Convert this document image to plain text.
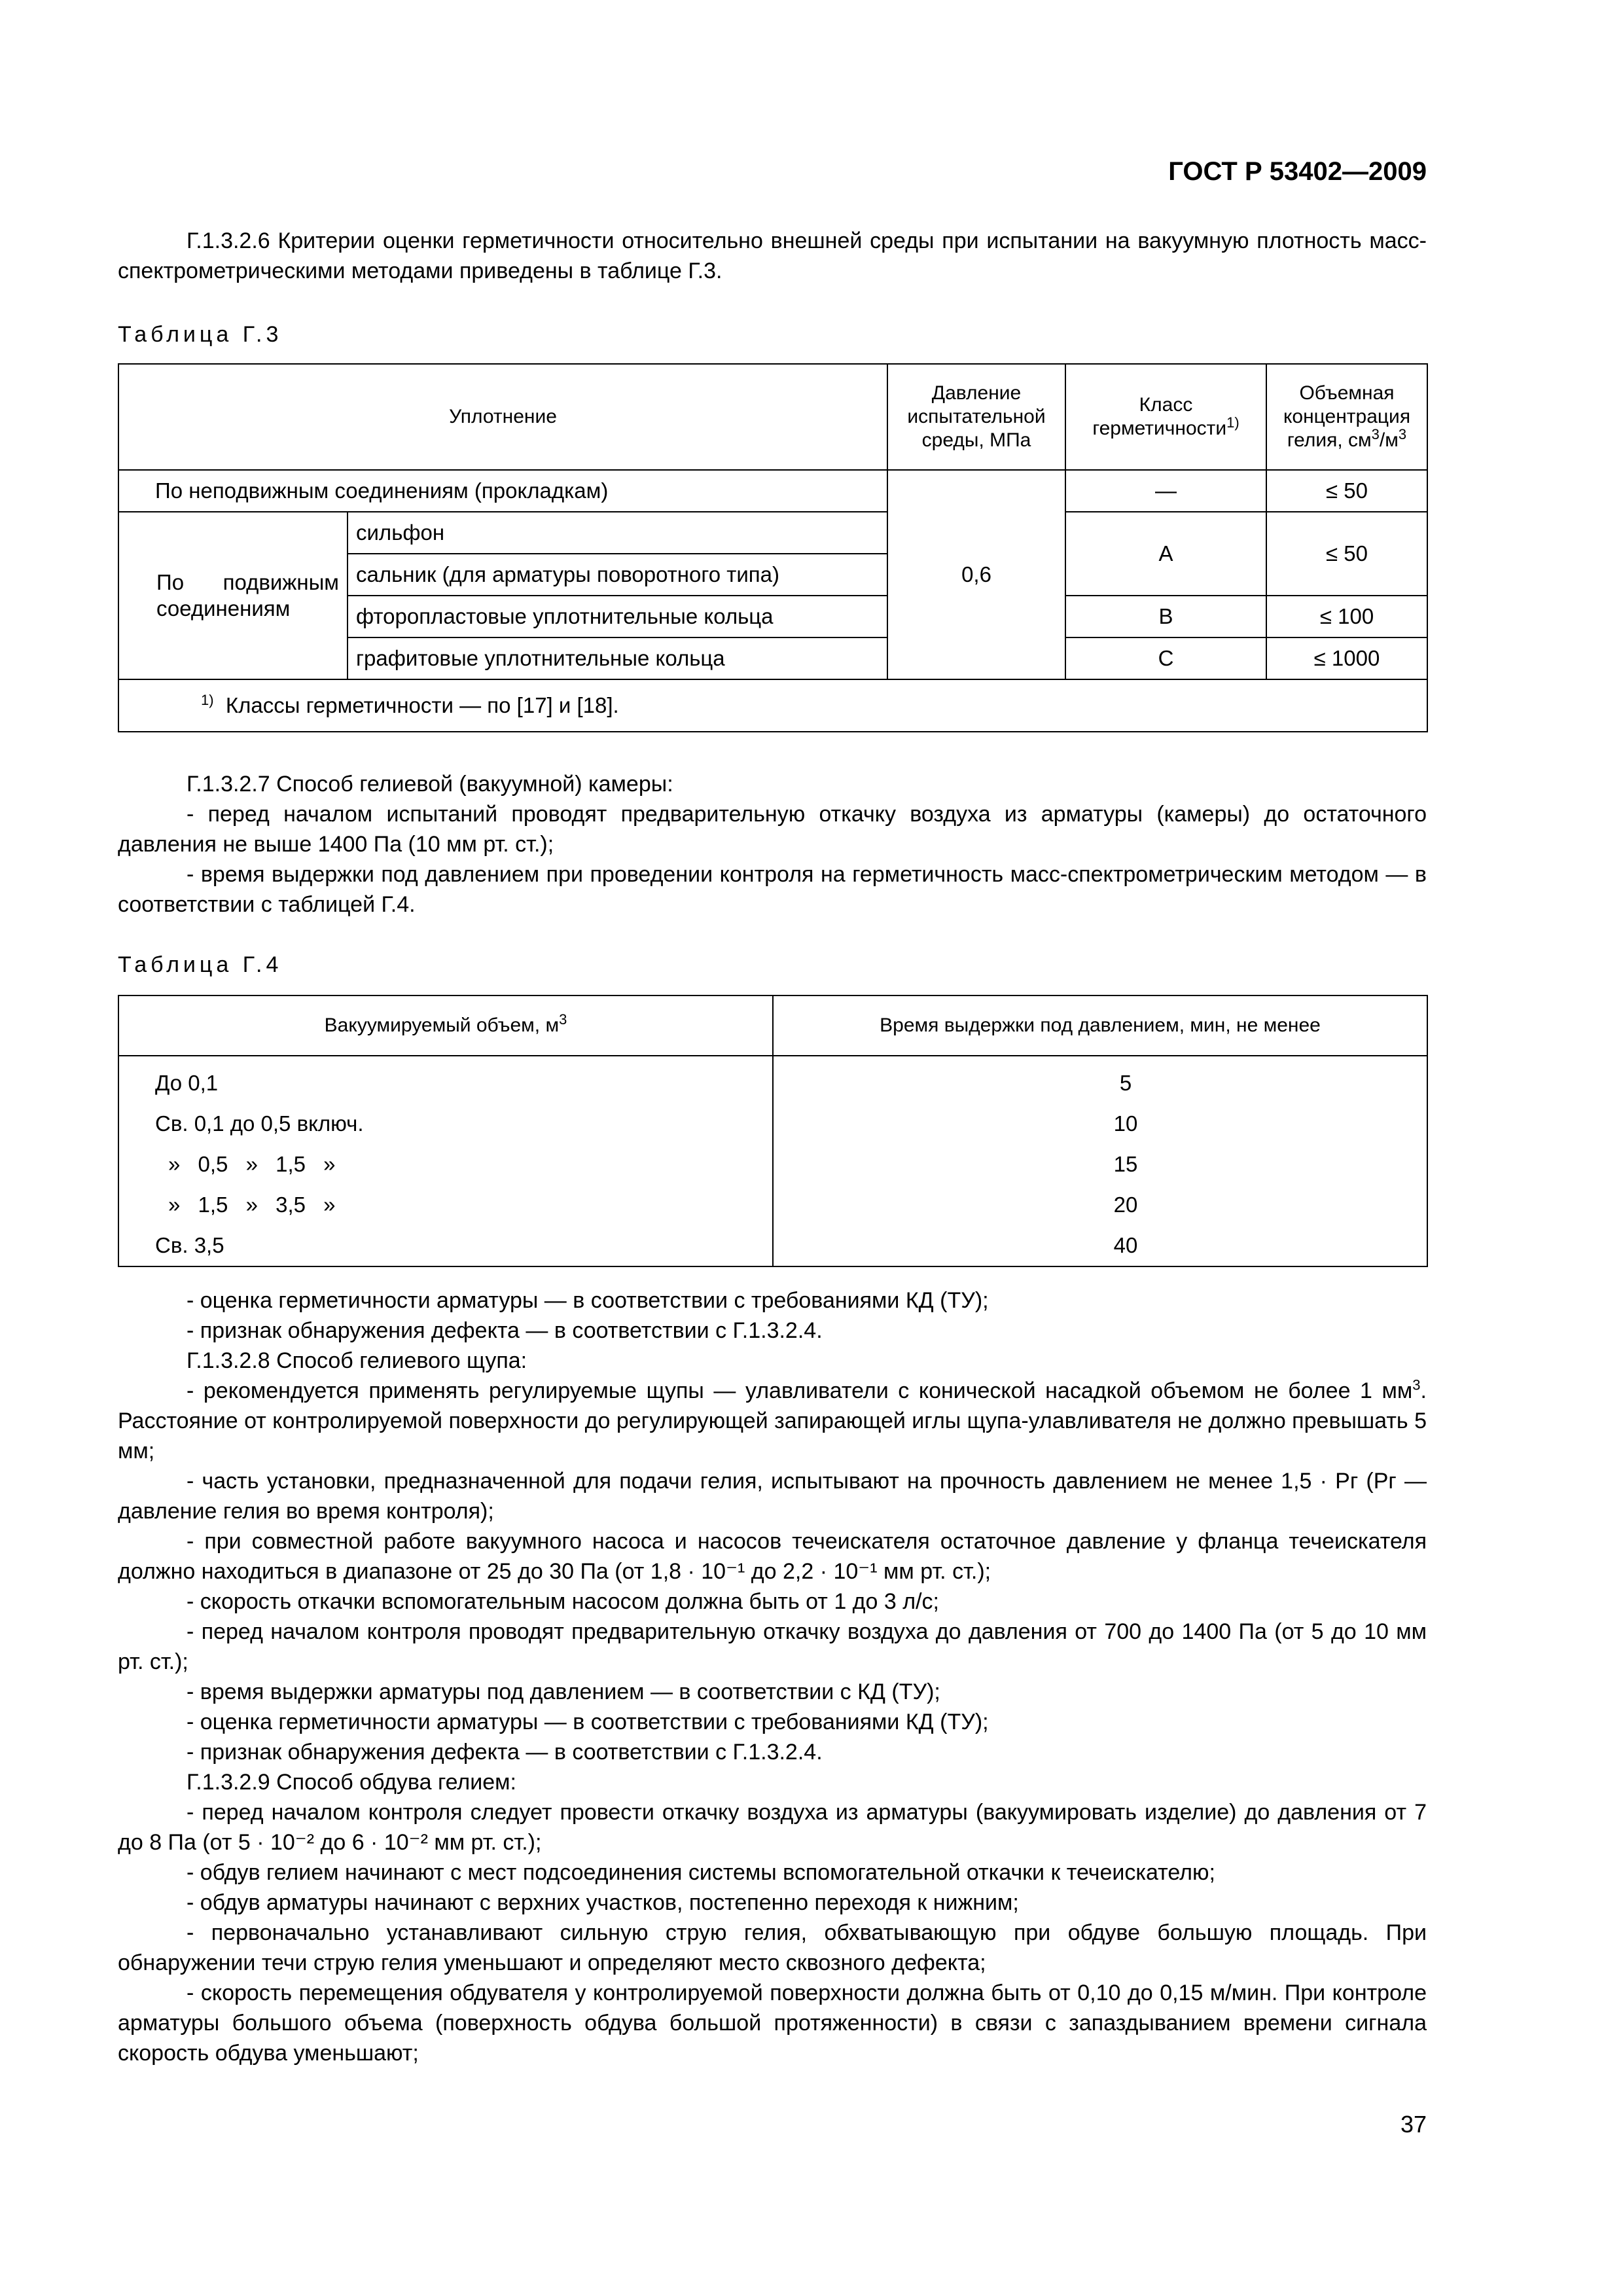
ГОСТ Р 53402—2009

Г.1.3.2.6 Критерии оценки герметичности относительно внешней среды при испытании на вакуумную плотность масс-спектрометрическими методами приведены в таблице Г.3.

Таблица Г.3
Уплотнение		Давление испытательной среды, МПа	Класс герметичности$^{1)}$	Объемная концентрация гелия, $см^3/м^3$
По неподвижным соединениям (прокладкам)		0,6	—	≤ 50

По подвижным соединениям	сильфон		А	≤ 50
	сальник (для арматуры поворотного типа)			
	фторопластовые уплотнительные кольца		В	≤ 100
	графитовые уплотнительные кольца		С	≤ 1000
$^{1)}$ Классы герметичности — по [17] и [18].				

Г.1.3.2.7 Способ гелиевой (вакуумной) камеры:

- перед началом испытаний проводят предварительную откачку воздуха из арматуры (камеры) до остаточного давления не выше 1400 Па (10 мм рт. ст.);

- время выдержки под давлением при проведении контроля на герметичность масс-спектрометрическим методом — в соответствии с таблицей Г.4.

Таблица Г.4
Вакуумируемый объем, $м^3$	Время выдержки под давлением, мин, не менее
До 0,1	5
Св. 0,1 до 0,5 включ.	10
» 0,5 » 1,5 »	15
» 1,5 » 3,5 »	20
Св. 3,5	40

- оценка герметичности арматуры — в соответствии с требованиями КД (ТУ);

- признак обнаружения дефекта — в соответствии с Г.1.3.2.4.

Г.1.3.2.8 Способ гелиевого щупа:

- рекомендуется применять регулируемые щупы — улавливатели с конической насадкой объемом не более 1 $мм^3$. Расстояние от контролируемой поверхности до регулирующей запирающей иглы щупа-улавливателя не должно превышать 5 мм;

- часть установки, предназначенной для подачи гелия, испытывают на прочность давлением не менее 1,5 · Pг (Pг — давление гелия во время контроля);

- при совместной работе вакуумного насоса и насосов течеискателя остаточное давление у фланца течеискателя должно находиться в диапазоне от 25 до 30 Па (от 1,8 · 10⁻¹ до 2,2 · 10⁻¹ мм рт. ст.);

- скорость откачки вспомогательным насосом должна быть от 1 до 3 л/с;

- перед началом контроля проводят предварительную откачку воздуха до давления от 700 до 1400 Па (от 5 до 10 мм рт. ст.);

- время выдержки арматуры под давлением — в соответствии с КД (ТУ);

- оценка герметичности арматуры — в соответствии с требованиями КД (ТУ);

- признак обнаружения дефекта — в соответствии с Г.1.3.2.4.

Г.1.3.2.9 Способ обдува гелием:

- перед началом контроля следует провести откачку воздуха из арматуры (вакуумировать изделие) до давления от 7 до 8 Па (от 5 · 10⁻² до 6 · 10⁻² мм рт. ст.);

- обдув гелием начинают с мест подсоединения системы вспомогательной откачки к течеискателю;

- обдув арматуры начинают с верхних участков, постепенно переходя к нижним;

- первоначально устанавливают сильную струю гелия, обхватывающую при обдуве большую площадь. При обнаружении течи струю гелия уменьшают и определяют место сквозного дефекта;

- скорость перемещения обдувателя у контролируемой поверхности должна быть от 0,10 до 0,15 м/мин. При контроле арматуры большого объема (поверхность обдува большой протяженности) в связи с запаздыванием времени сигнала скорость обдува уменьшают;

37
